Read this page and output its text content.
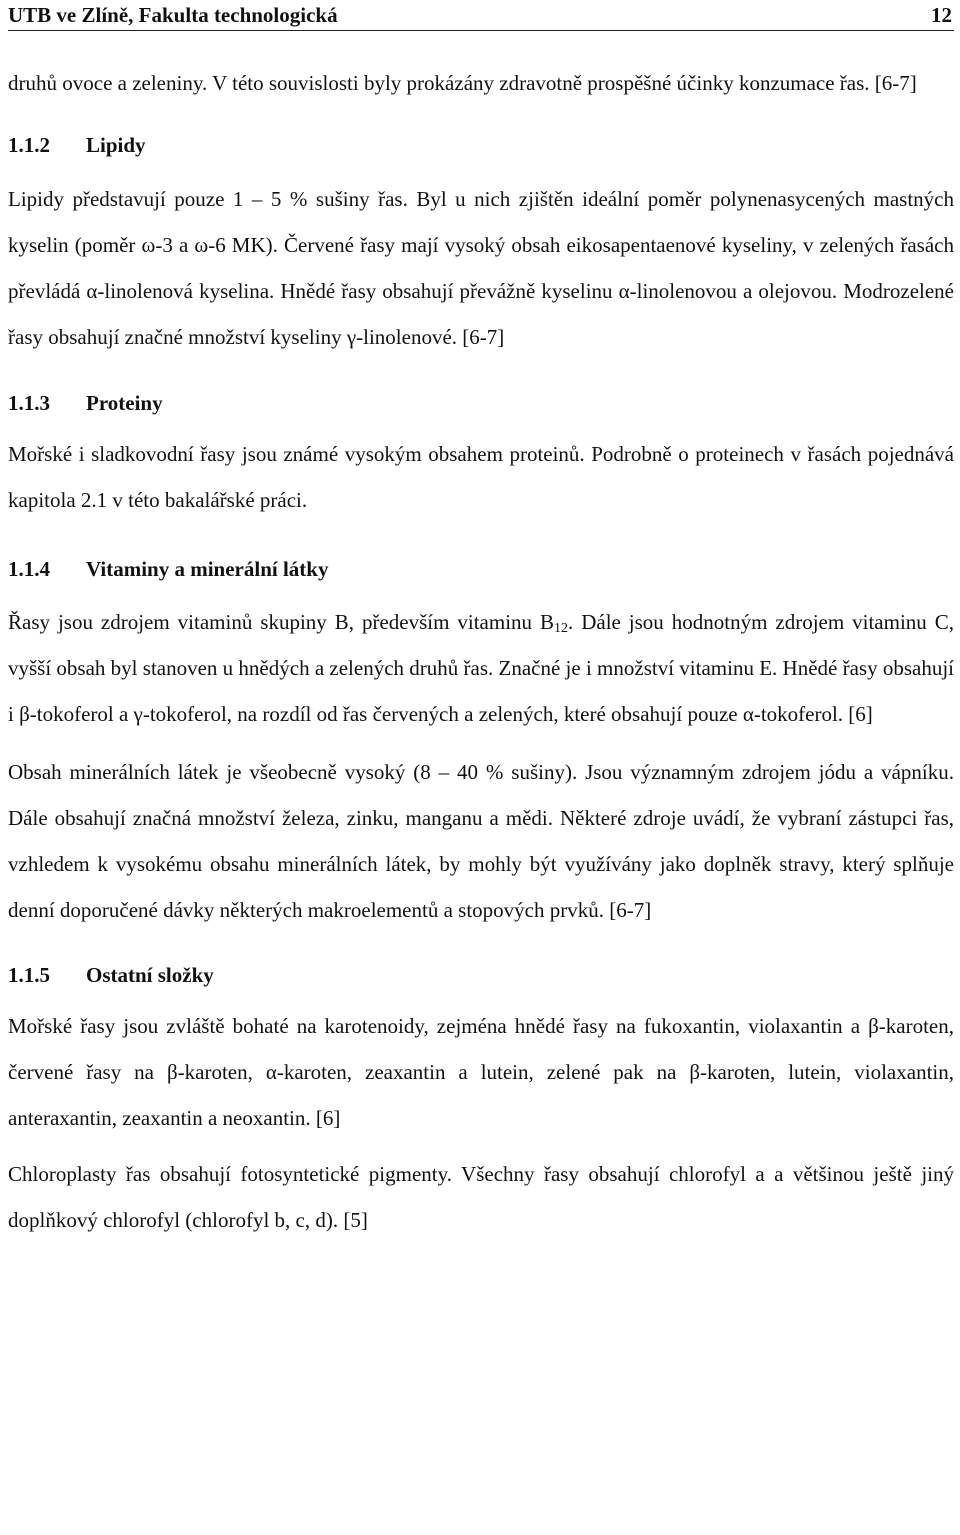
UTB ve Zlíně, Fakulta technologická	12

druhů ovoce a zeleniny. V této souvislosti byly prokázány zdravotně prospěšné účinky konzumace řas. [6-7]

1.1.2	Lipidy

Lipidy představují pouze 1 – 5 % sušiny řas. Byl u nich zjištěn ideální poměr polynenasycených mastných kyselin (poměr ω-3 a ω-6 MK). Červené řasy mají vysoký obsah eikosapentaenové kyseliny, v zelených řasách převládá α-linolenová kyselina. Hnědé řasy obsahují převážně kyselinu α-linolenovou a olejovou. Modrozelené řasy obsahují značné množství kyseliny γ-linolenové. [6-7]

1.1.3	Proteiny

Mořské i sladkovodní řasy jsou známé vysokým obsahem proteinů. Podrobně o proteinech v řasách pojednává kapitola 2.1 v této bakalářské práci.

1.1.4	Vitaminy a minerální látky

Řasy jsou zdrojem vitaminů skupiny B, především vitaminu $B_{12}$. Dále jsou hodnotným zdrojem vitaminu C, vyšší obsah byl stanoven u hnědých a zelených druhů řas. Značné je i množství vitaminu E. Hnědé řasy obsahují i β-tokoferol a γ-tokoferol, na rozdíl od řas červených a zelených, které obsahují pouze α-tokoferol. [6]

Obsah minerálních látek je všeobecně vysoký (8 – 40 % sušiny). Jsou významným zdrojem jódu a vápníku. Dále obsahují značná množství železa, zinku, manganu a mědi. Některé zdroje uvádí, že vybraní zástupci řas, vzhledem k vysokému obsahu minerálních látek, by mohly být využívány jako doplněk stravy, který splňuje denní doporučené dávky některých makroelementů a stopových prvků. [6-7]

1.1.5	Ostatní složky

Mořské řasy jsou zvláště bohaté na karotenoidy, zejména hnědé řasy na fukoxantin, violaxantin a β-karoten, červené řasy na β-karoten, α-karoten, zeaxantin a lutein, zelené pak na β-karoten, lutein, violaxantin, anteraxantin, zeaxantin a neoxantin. [6]

Chloroplasty řas obsahují fotosyntetické pigmenty. Všechny řasy obsahují chlorofyl a a většinou ještě jiný doplňkový chlorofyl (chlorofyl b, c, d). [5]
